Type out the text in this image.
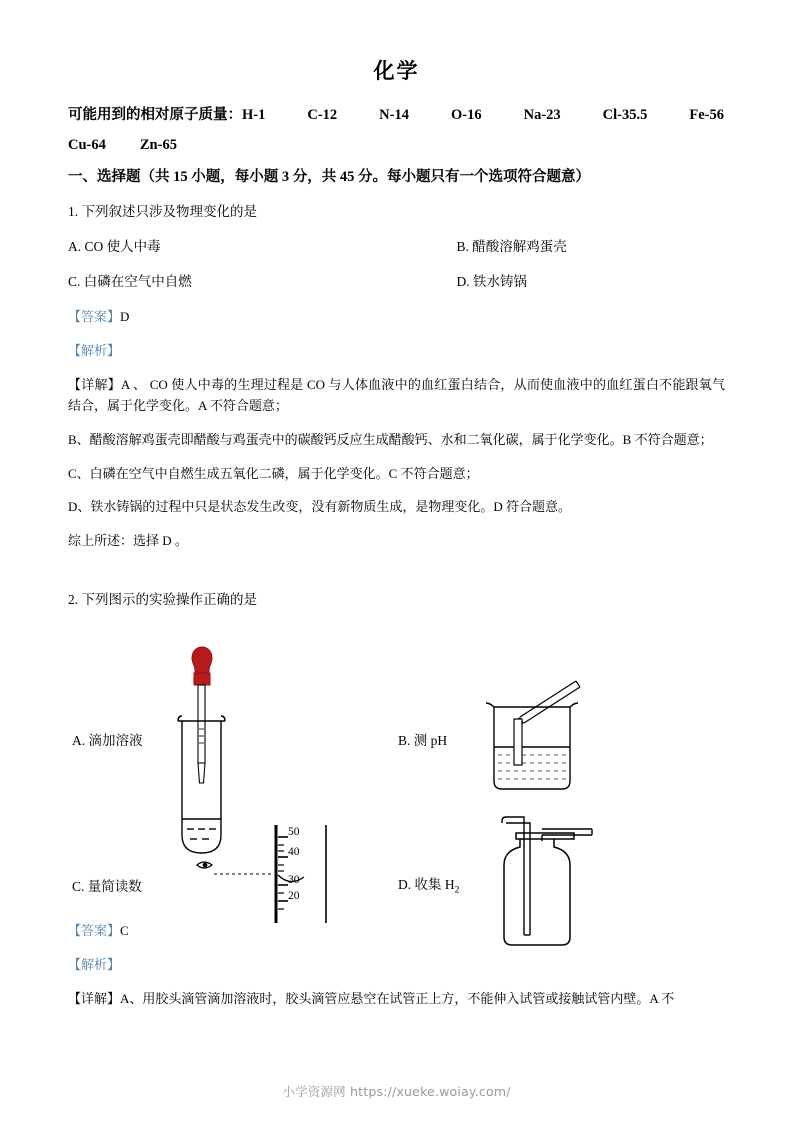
化学
可能用到的相对原子质量：H-1	C-12	N-14	O-16	Na-23	Cl-35.5	Fe-56
Cu-64 Zn-65
一、选择题（共 15 小题，每小题 3 分，共 45 分。每小题只有一个选项符合题意）
1. 下列叙述只涉及物理变化的是
A. CO 使人中毒	B. 醋酸溶解鸡蛋壳
C. 白磷在空气中自燃	D. 铁水铸锅
【答案】D
【解析】
【详解】A 、 CO 使人中毒的生理过程是 CO 与人体血液中的血红蛋白结合，从而使血液中的血红蛋白不能跟氧气结合，属于化学变化。A 不符合题意；
B、醋酸溶解鸡蛋壳即醋酸与鸡蛋壳中的碳酸钙反应生成醋酸钙、水和二氧化碳，属于化学变化。B 不符合题意；
C、白磷在空气中自燃生成五氧化二磷，属于化学变化。C 不符合题意；
D、铁水铸锅的过程中只是状态发生改变，没有新物质生成，是物理变化。D 符合题意。
综上所述：选择 D 。
2. 下列图示的实验操作正确的是
A. 滴加溶液	B. 测 pH
C. 量简读数
50
40
30
20
D. 收集 $H_2$
【答案】C
【解析】
【详解】A、用胶头滴管滴加溶液时，胶头滴管应悬空在试管正上方，不能伸入试管或接触试管内壁。A 不
小学资源网 https://xueke.woiay.com/
